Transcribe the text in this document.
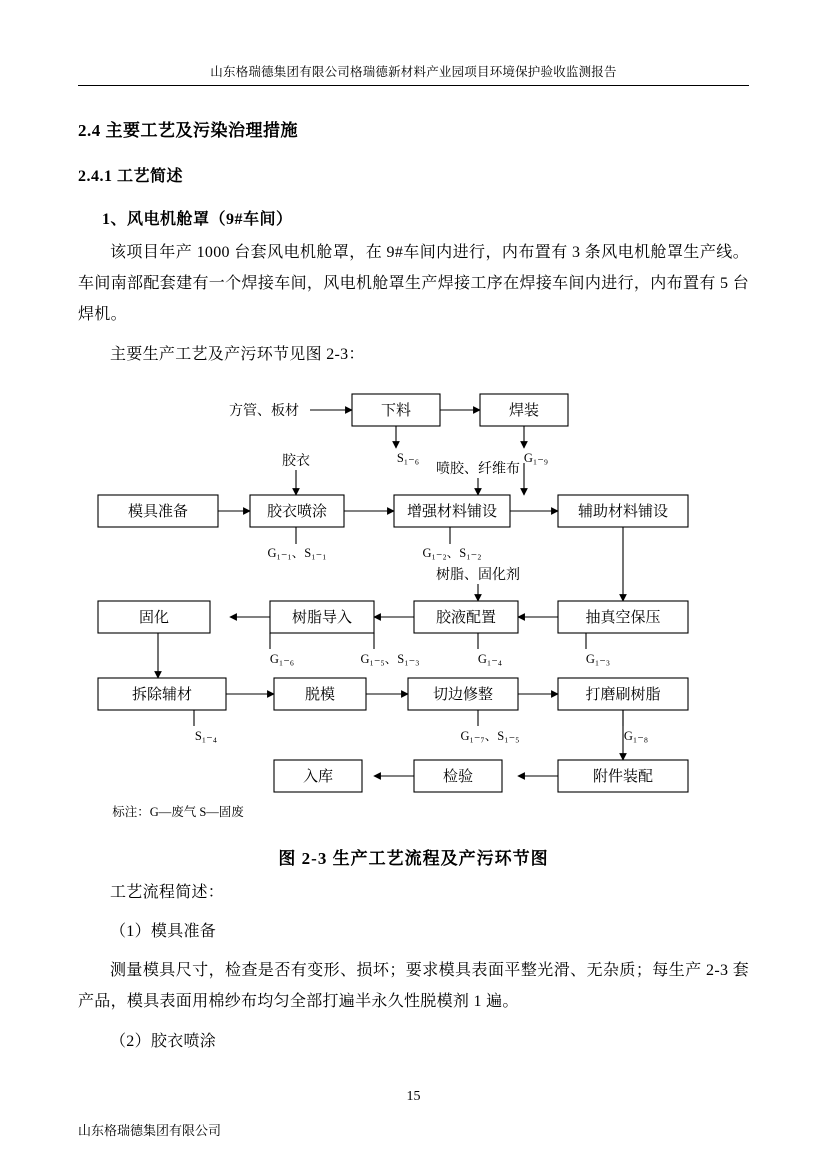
山东格瑞德集团有限公司格瑞德新材料产业园项目环境保护验收监测报告
2.4 主要工艺及污染治理措施
2.4.1 工艺简述
1、风电机舱罩（9#车间）

该项目年产 1000 台套风电机舱罩，在 9#车间内进行，内布置有 3 条风电机舱罩生产线。车间南部配套建有一个焊接车间，风电机舱罩生产焊接工序在焊接车间内进行，内布置有 5 台焊机。

主要生产工艺及产污环节见图 2-3：

下料	焊装
模具准备	胶衣喷涂	增强材料铺设	辅助材料铺设
固化	树脂导入	胶液配置	抽真空保压
拆除辅材	脱模	切边修整	打磨刷树脂
入库	检验	附件装配
方管、板材
胶衣
喷胶、纤维布
树脂、固化剂
S₁₋₆	G₁₋₉
G₁₋₁、S₁₋₁	G₁₋₂、S₁₋₂
G₁₋₆	G₁₋₅、S₁₋₃	G₁₋₄	G₁₋₃
S₁₋₄	G₁₋₇、S₁₋₅	G₁₋₈
标注：G—废气 S—固废
图 2-3 生产工艺流程及产污环节图

工艺流程简述：

（1）模具准备

测量模具尺寸，检查是否有变形、损坏；要求模具表面平整光滑、无杂质；每生产 2-3 套产品，模具表面用棉纱布均匀全部打遍半永久性脱模剂 1 遍。

（2）胶衣喷涂

15
山东格瑞德集团有限公司
